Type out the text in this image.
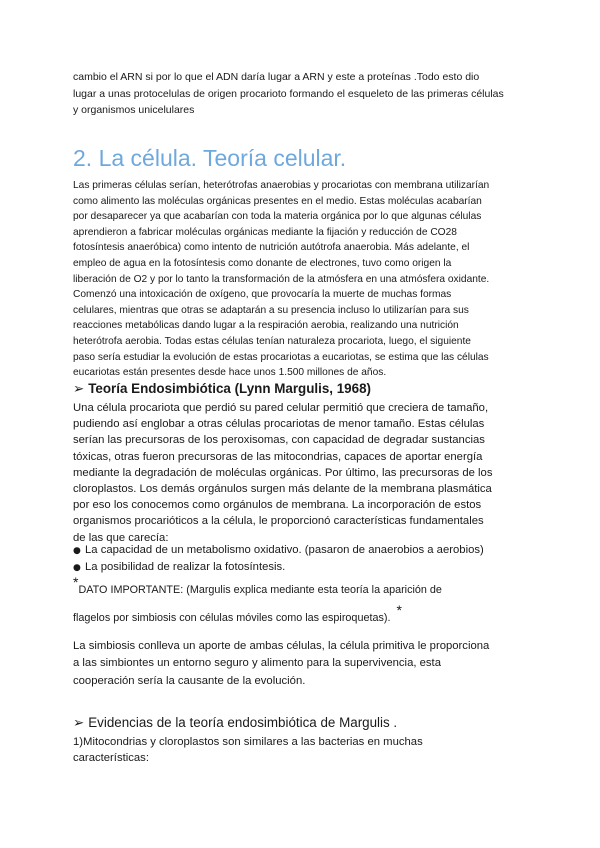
cambio el ARN si por lo que el ADN daría lugar a ARN y este a proteínas .Todo esto dio
lugar a unas protocelulas de origen procarioto formando el esqueleto de las primeras células
y organismos unicelulares
2. La célula. Teoría celular.
Las primeras células serían, heterótrofas anaerobias y procariotas con membrana utilizarían
como alimento las moléculas orgánicas presentes en el medio. Estas moléculas acabarían
por desaparecer ya que acabarían con toda la materia orgánica por lo que algunas células
aprendieron a fabricar moléculas orgánicas mediante la fijación y reducción de CO28
fotosíntesis anaeróbica) como intento de nutrición autótrofa anaerobia. Más adelante, el
empleo de agua en la fotosíntesis como donante de electrones, tuvo como origen la
liberación de O2 y por lo tanto la transformación de la atmósfera en una atmósfera oxidante.
Comenzó una intoxicación de oxígeno, que provocaría la muerte de muchas formas
celulares, mientras que otras se adaptarán a su presencia incluso lo utilizarían para sus
reacciones metabólicas dando lugar a la respiración aerobia, realizando una nutrición
heterótrofa aerobia. Todas estas células tenían naturaleza procariota, luego, el siguiente
paso sería estudiar la evolución de estas procariotas a eucariotas, se estima que las células
eucariotas están presentes desde hace unos 1.500 millones de años.
➢ Teoría Endosimbiótica (Lynn Margulis, 1968)
Una célula procariota que perdió su pared celular permitió que creciera de tamaño,
pudiendo así englobar a otras células procariotas de menor tamaño. Estas células
serían las precursoras de los peroxisomas, con capacidad de degradar sustancias
tóxicas, otras fueron precursoras de las mitocondrias, capaces de aportar energía
mediante la degradación de moléculas orgánicas. Por último, las precursoras de los
cloroplastos. Los demás orgánulos surgen más delante de la membrana plasmática
por eso los conocemos como orgánulos de membrana. La incorporación de estos
organismos procarióticos a la célula, le proporcionó características fundamentales
de las que carecía:
● La capacidad de un metabolismo oxidativo. (pasaron de anaerobios a aerobios)
● La posibilidad de realizar la fotosíntesis.
*DATO IMPORTANTE: (Margulis explica mediante esta teoría la aparición de
flagelos por simbiosis con células móviles como las espiroquetas). *
La simbiosis conlleva un aporte de ambas células, la célula primitiva le proporciona
a las simbiontes un entorno seguro y alimento para la supervivencia, esta
cooperación sería la causante de la evolución.
➢ Evidencias de la teoría endosimbiótica de Margulis .
1)Mitocondrias y cloroplastos son similares a las bacterias en muchas
características:
